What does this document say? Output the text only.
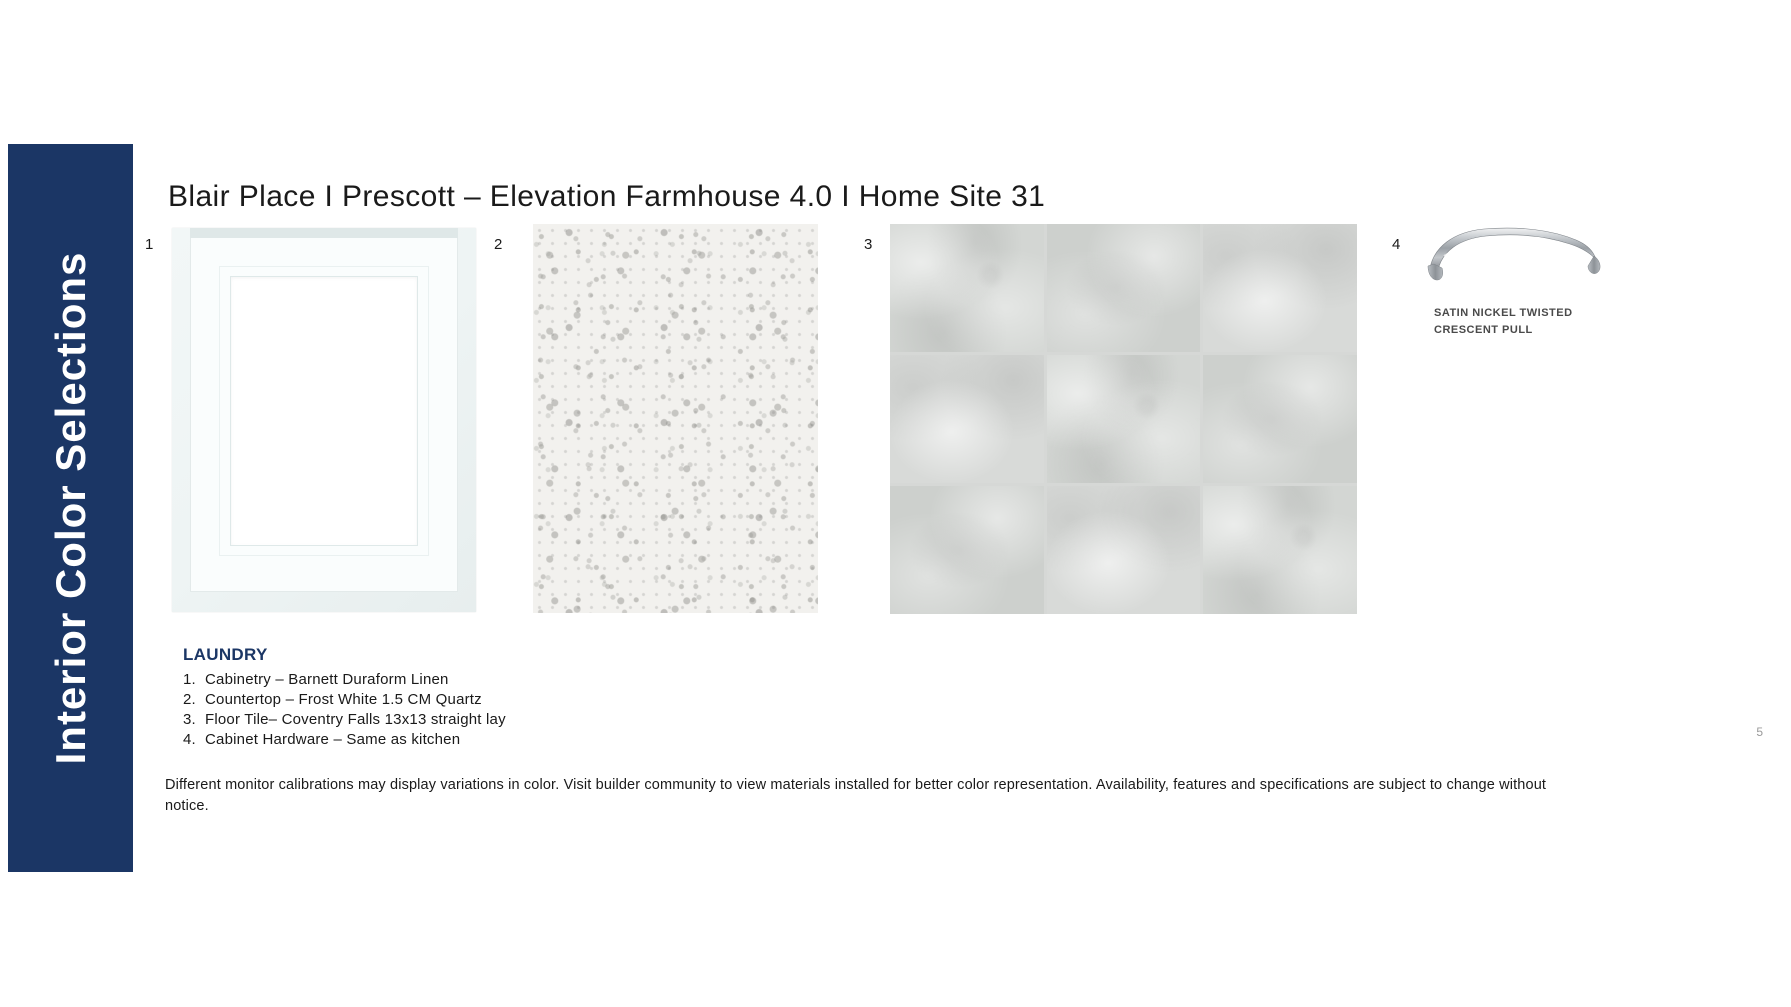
Interior Color Selections
Blair Place I Prescott – Elevation Farmhouse 4.0 I Home Site 31
1	2	3	4
SATIN NICKEL TWISTED CRESCENT PULL
LAUNDRY
1. Cabinetry – Barnett Duraform Linen
2. Countertop – Frost White 1.5 CM Quartz
3. Floor Tile– Coventry Falls 13x13 straight lay
4. Cabinet Hardware – Same as kitchen
Different monitor calibrations may display variations in color. Visit builder community to view materials installed for better color representation. Availability, features and specifications are subject to change without notice.
5
